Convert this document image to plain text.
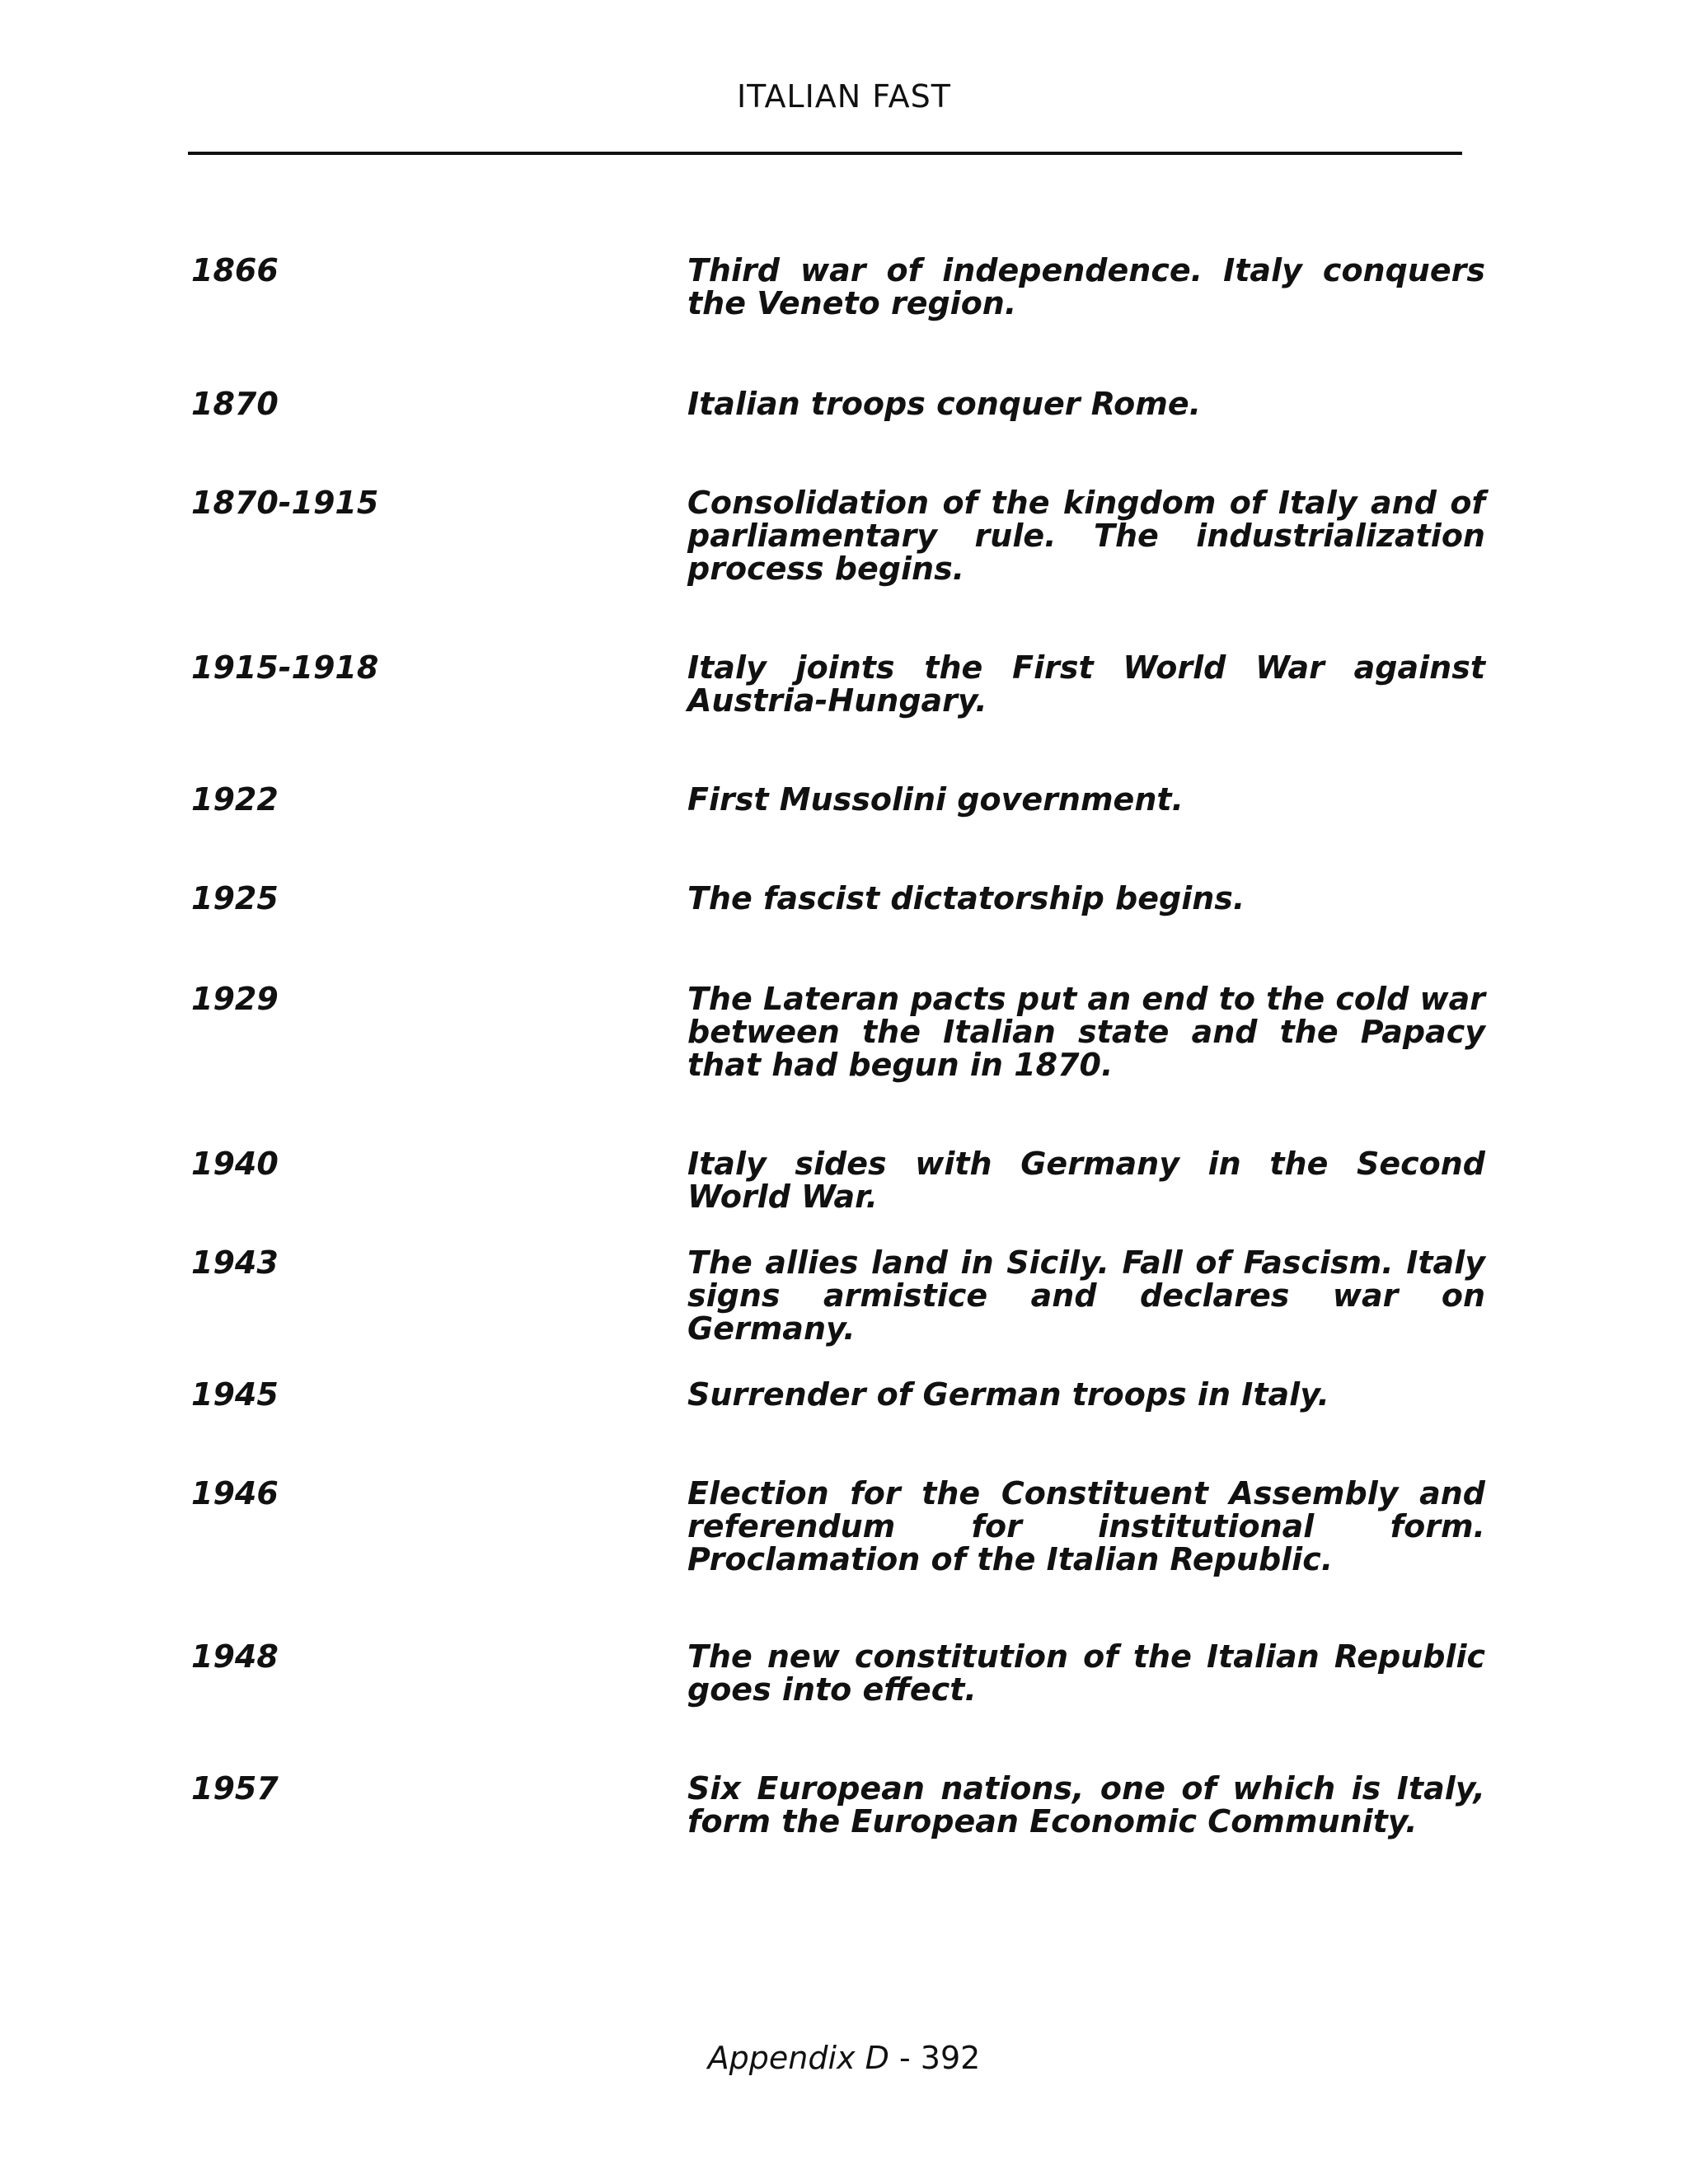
ITALIAN FAST
1866	Third war of independence. Italy conquers the Veneto region.
1870	Italian troops conquer Rome.
1870-1915	Consolidation of the kingdom of Italy and of parliamentary rule. The industrialization process begins.
1915-1918	Italy joints the First World War against Austria-Hungary.
1922	First Mussolini government.
1925	The fascist dictatorship begins.
1929	The Lateran pacts put an end to the cold war between the Italian state and the Papacy that had begun in 1870.
1940	Italy sides with Germany in the Second World War.
1943	The allies land in Sicily. Fall of Fascism. Italy signs armistice and declares war on Germany.
1945	Surrender of German troops in Italy.
1946	Election for the Constituent Assembly and referendum for institutional form. Proclamation of the Italian Republic.
1948	The new constitution of the Italian Republic goes into effect.
1957	Six European nations, one of which is Italy, form the European Economic Community.
Appendix D - 392
